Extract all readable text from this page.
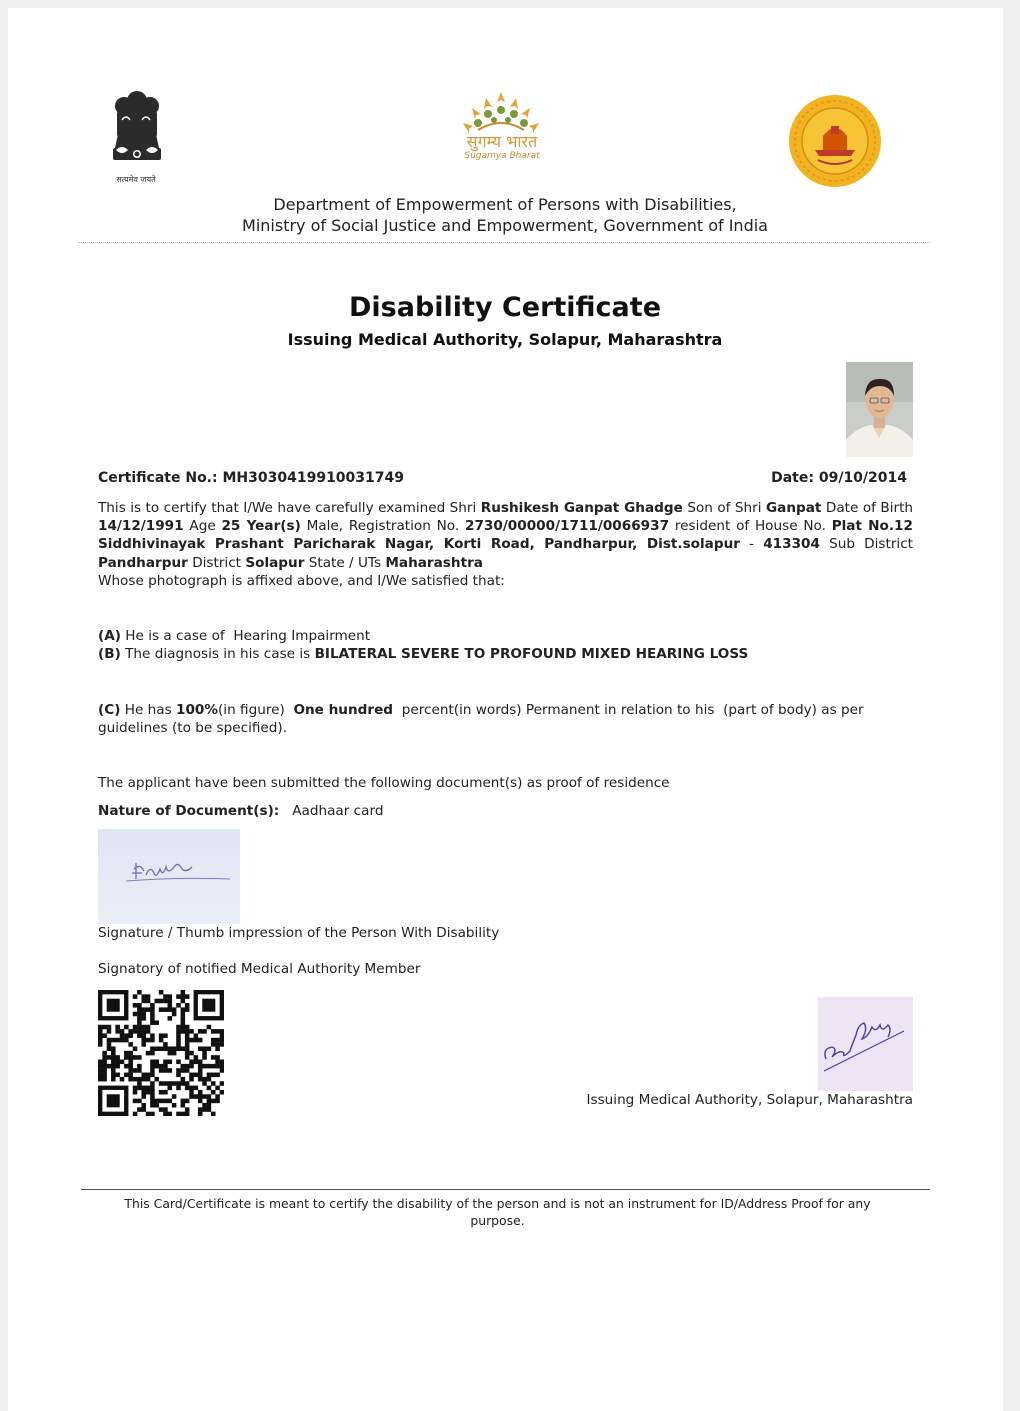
सत्यमेव जयते
सुगम्य भारत
Sugamya Bharat
Department of Empowerment of Persons with Disabilities,
Ministry of Social Justice and Empowerment, Government of India
Disability Certificate
Issuing Medical Authority, Solapur, Maharashtra
Certificate No.: MH3030419910031749	Date: 09/10/2014
This is to certify that I/We have carefully examined Shri Rushikesh Ganpat Ghadge Son of Shri Ganpat Date of Birth 14/12/1991 Age 25 Year(s) Male, Registration No. 2730/00000/1711/0066937 resident of House No. Plat No.12 Siddhivinayak Prashant Paricharak Nagar, Korti Road, Pandharpur, Dist.solapur - 413304 Sub District Pandharpur District Solapur State / UTs Maharashtra
Whose photograph is affixed above, and I/We satisfied that:
(A) He is a case of Hearing Impairment
(B) The diagnosis in his case is BILATERAL SEVERE TO PROFOUND MIXED HEARING LOSS
(C) He has 100%(in figure) One hundred percent(in words) Permanent in relation to his (part of body) as per guidelines (to be specified).
The applicant have been submitted the following document(s) as proof of residence
Nature of Document(s): Aadhaar card
Signature / Thumb impression of the Person With Disability
Signatory of notified Medical Authority Member
Issuing Medical Authority, Solapur, Maharashtra
This Card/Certificate is meant to certify the disability of the person and is not an instrument for ID/Address Proof for any purpose.
